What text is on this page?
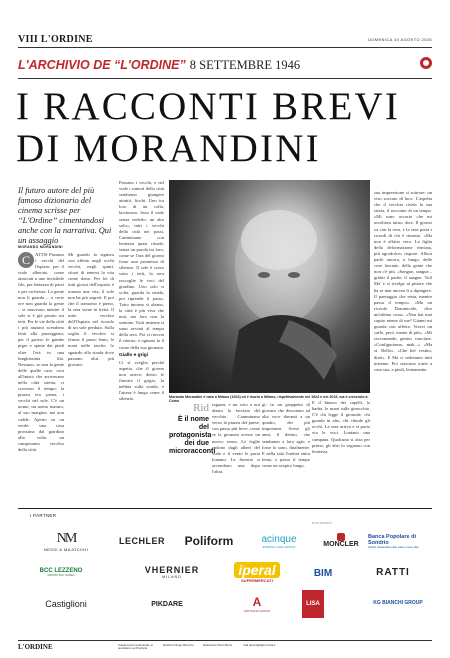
VIII L'ORDINE	DOMENICA 10 AGOSTO 2025
L'ARCHIVIO DE “L'ORDINE” 8 SETTEMBRE 1946
I RACCONTI BREVI
DI MORANDINI
Il futuro autore del più famoso dizionario del cinema scrisse per “L'Ordine” cimentandosi anche con la narrativa. Qui un assaggio
MORANDO MORANDINI
ATTIS Passano i vecchi del Ospizio: per il viale alberato, come attaccati a uno invisibile filo, per lentezza di passi e per orchestra. La gente non li guarda – a certe ore non guarda la gente – si muovono mentre il sole si è già posato sui tetti. Per le vie della città i più anziani scendono lenti alla passeggiata; per il grosso le gambe pigre e spinte dai piedi oltre l'età in una lunghissima fila. Nessuno, se non la gente delle quelle case, cera all'inizio che arrivavano nella città stretta, ci scrivono il tempo; la piazza era piena, i vecchi nel sole. C'è un uomo, un uomo maturo, al suo margine, ma non cadde. Aperto su un verde: una cosa prossima dal giardino alla volta: un camposanto vecchio della città.
C	Mi guardo la signora con affetto negli occhi vecchi, negli spinti, sforzi di tenersi la vita come dono. Per lei di tutti giorni dell'ospizio è tornata una vita, il sole non ha più segreti. E poi che il tramonto è pieno, la sera viene in fretta. Il tutto vecchio dell'Ospizio nel ricordo di un sole perduto. Sulla soglia il vecchio si ferma: il passo lento, le mani nelle tasche, lo sguardo alla strada dove passano altri, più giovani.

Passano i vecchi, e nel viale i rumori della città sembrano giungere attutiti, fiochi. Uno tra loro di un colla, lacrimoso, fissa il viale senza vederlo: un alto solco, tutti i vecchi della città nei passi. Camminano con lentezza quasi rituale, senza un parola tra loro, come se l'ora del giorno fosse una promessa di silenzio. Il sole è sceso sotto i tetti, la sera raccoglie le voci del giardino. Uno solo si volta, guarda la strada, poi riprende il passo. Tutto intorno si alzano, la città è più viva che mai, ma loro non la sentono. Tutti insieme si sono avviati al tempo della sera. Poi si riavvia il ritorno, e ognuno fa il conto della sua giornata.

Giallo e grigi

Ci si sveglia perché aspetta, che il giorno non arriva: dietro le finestre il grigio, la nebbia sulla strada, e l'attesa è lunga come il silenzio.	Morando Morandini è nato a Milano (1924) ed è morto a Milano, rispettivamente nel 1924 e nel 2015, ma è cresciuto a Como
Rid
È il nome del protagonista dei due microracconti
ragazzi, e un voto a noi alzato la facciata del vecchio. Camminano verso la piazza del paese, con passo più lieve, come se la giornata avesse un nuovo senso. Le foglie cadono dagli alberi del viale e il vento le porta lontano. Le finestre si accendono una dopo l'altra.
gi: in un gruppetto di giovani che discutono ad alta voce davanti a un quadro, dei più importanti. Scese gli anni, lì dentro, che sembrano a loro agio, e forse lo sono, finalmente. E nella sala l'ombra entra lenta, e passa il tempo come un sospiro lungo.
E il bianco dei capelli, la barba, le mani sulle ginocchia. C'è chi legge il giornale, chi guarda in alto, chi chiude gli occhi. La sera arriva e si porta via le voci. Lontano una campana. Qualcuno si alza per primo, gli altri lo seguono con lentezza.
sua impressione si sottrsse: un viso scavato di luce. L'aspetta che il vecchio rivela la sua storia, il racconto di un tempo. «Mi sono accorto che mi ascoltava tutto» dice. Il giorno va con la sera, e la sera porta i ricordi di chi è rimasto. «Ma non è affatto vero. La figlia della deformazione rinviata, più agrodolce» rispose. Allora parlò ancora, a lungo, delle cose lasciate, della gente che non c'è più. «Sangue, sangue... gridai il padre, il sangue. Voil Ma' e sì rivolge al pittore che ha se mai ancora lì a dipingere. Il paesaggio che resta, mentre passa il tempo». «Ma un ricordo Dominicale, dice un'ultima cosa». «Non hai mai capito niente di me? Gianni mi guarda con affetto. Vorrei un caffè, però, niente di più». «Mi raccomando, gente» concluse. «Configuriamo, mah...» «Ma sì. Bello». «Che bel vestito, direi». E Ma ci sedemmo tutti insieme. Poi ciascuno tornò a casa sua, a piedi, lentamente.
FOTO ARCHIVIO
I PARTNER
NM
NESSI & MAJOCCHI
LECHLER Poliform	acinque
ENERGIA CHE UNISCE	MONCLER
Banca Popolare di Sondrio
Sondrio Capital della realtà, valori e nuove sfide
BCC LEZZENO
GRUPPO BCC ICCREA	VHERNIER
MILANO	iperal
SUPERMERCATI
BIM	RATTI
Castiglioni	PIKDARE	A
ARTISANA GROUP
LISA	KG BIANCHI GROUP
L'ORDINE	Supplemento settimanale al quotidiano La Provincia
Direttore Diego Minonzio	Redazione Pietro Berra	mail pberra@laprovincia.it
